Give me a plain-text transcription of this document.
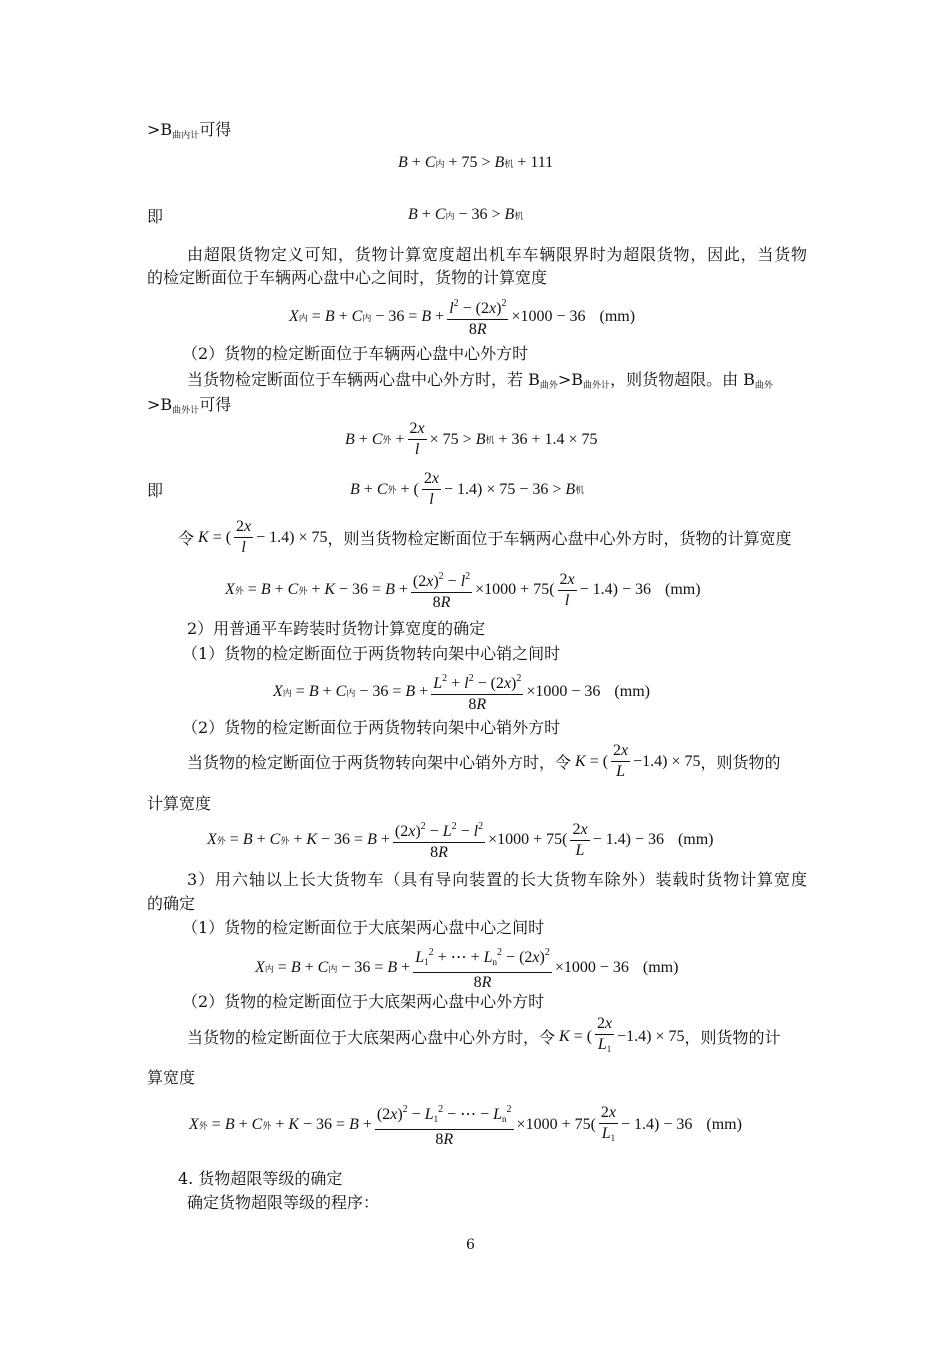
$>B_{曲内计}$可得
B + C 内 + 75 > B 机 + 111
即	B + C 内 − 36 > B 机
由超限货物定义可知，货物计算宽度超出机车车辆限界时为超限货物，因此，当货物
的检定断面位于车辆两心盘中心之间时，货物的计算宽度
X 内 = B + C 内 − $36 = B + \frac{l^2 - (2x)^2}{8R} \times 1000 - 36$ (mm)
（2）货物的检定断面位于车辆两心盘中心外方时
当货物检定断面位于车辆两心盘中心外方时，若 $B_{曲外}>B_{曲外计}$，则货物超限。由 $B_{曲外}$
$>B_{曲外计}$可得
B + C 外 + $\frac{2x}{l} \times 75 > B$ 机 + 36 + 1.4 × 75
即	B + C 外 + ( $\frac{2x}{l} - 1.4) \times 75 - 36 > B$ 机
令
K = ( $\frac{2x}{l} - 1.4) \times 75$ ，则当货物检定断面位于车辆两心盘中心外方时，货物的计算宽度
X 外 = B + C 外 + $K - 36 = B + \frac{(2x)^2 - l^2}{8R} \times 1000 + 75( \frac{2x}{l} - 1.4) - 36$ (mm)
2）用普通平车跨装时货物计算宽度的确定
（1）货物的检定断面位于两货物转向架中心销之间时
X 内 = B + C 内 − $36 = B + \frac{L^2 + l^2 - (2x)^2}{8R} \times 1000 - 36$ (mm)
（2）货物的检定断面位于两货物转向架中心销外方时
当货物的检定断面位于两货物转向架中心销外方时，令
K = ( $\frac{2x}{L} -1.4) \times 75$ ，则货物的
计算宽度
X 外 = B + C 外 + $K - 36 = B + \frac{(2x)^2 - L^2 - l^2}{8R} \times 1000 + 75( \frac{2x}{L} - 1.4) - 36$ (mm)
3）用六轴以上长大货物车（具有导向装置的长大货物车除外）装载时货物计算宽度
的确定
（1）货物的检定断面位于大底架两心盘中心之间时
X 内 = B + C 内 − $36 = B + \frac{L_1^2 + \cdots + L_n^2 - (2x)^2}{8R} \times 1000 - 36$ (mm)
（2）货物的检定断面位于大底架两心盘中心外方时
当货物的检定断面位于大底架两心盘中心外方时，令
K = ( $\frac{2x}{L_1} -1.4) \times 75$ ，则货物的计
算宽度
X 外 = B + C 外 + $K - 36 = B + \frac{(2x)^2 - L_1^2 - \cdots - L_n^2}{8R} \times 1000 + 75( \frac{2x}{L_1} - 1.4) - 36$ (mm)
4. 货物超限等级的确定
确定货物超限等级的程序：
6
